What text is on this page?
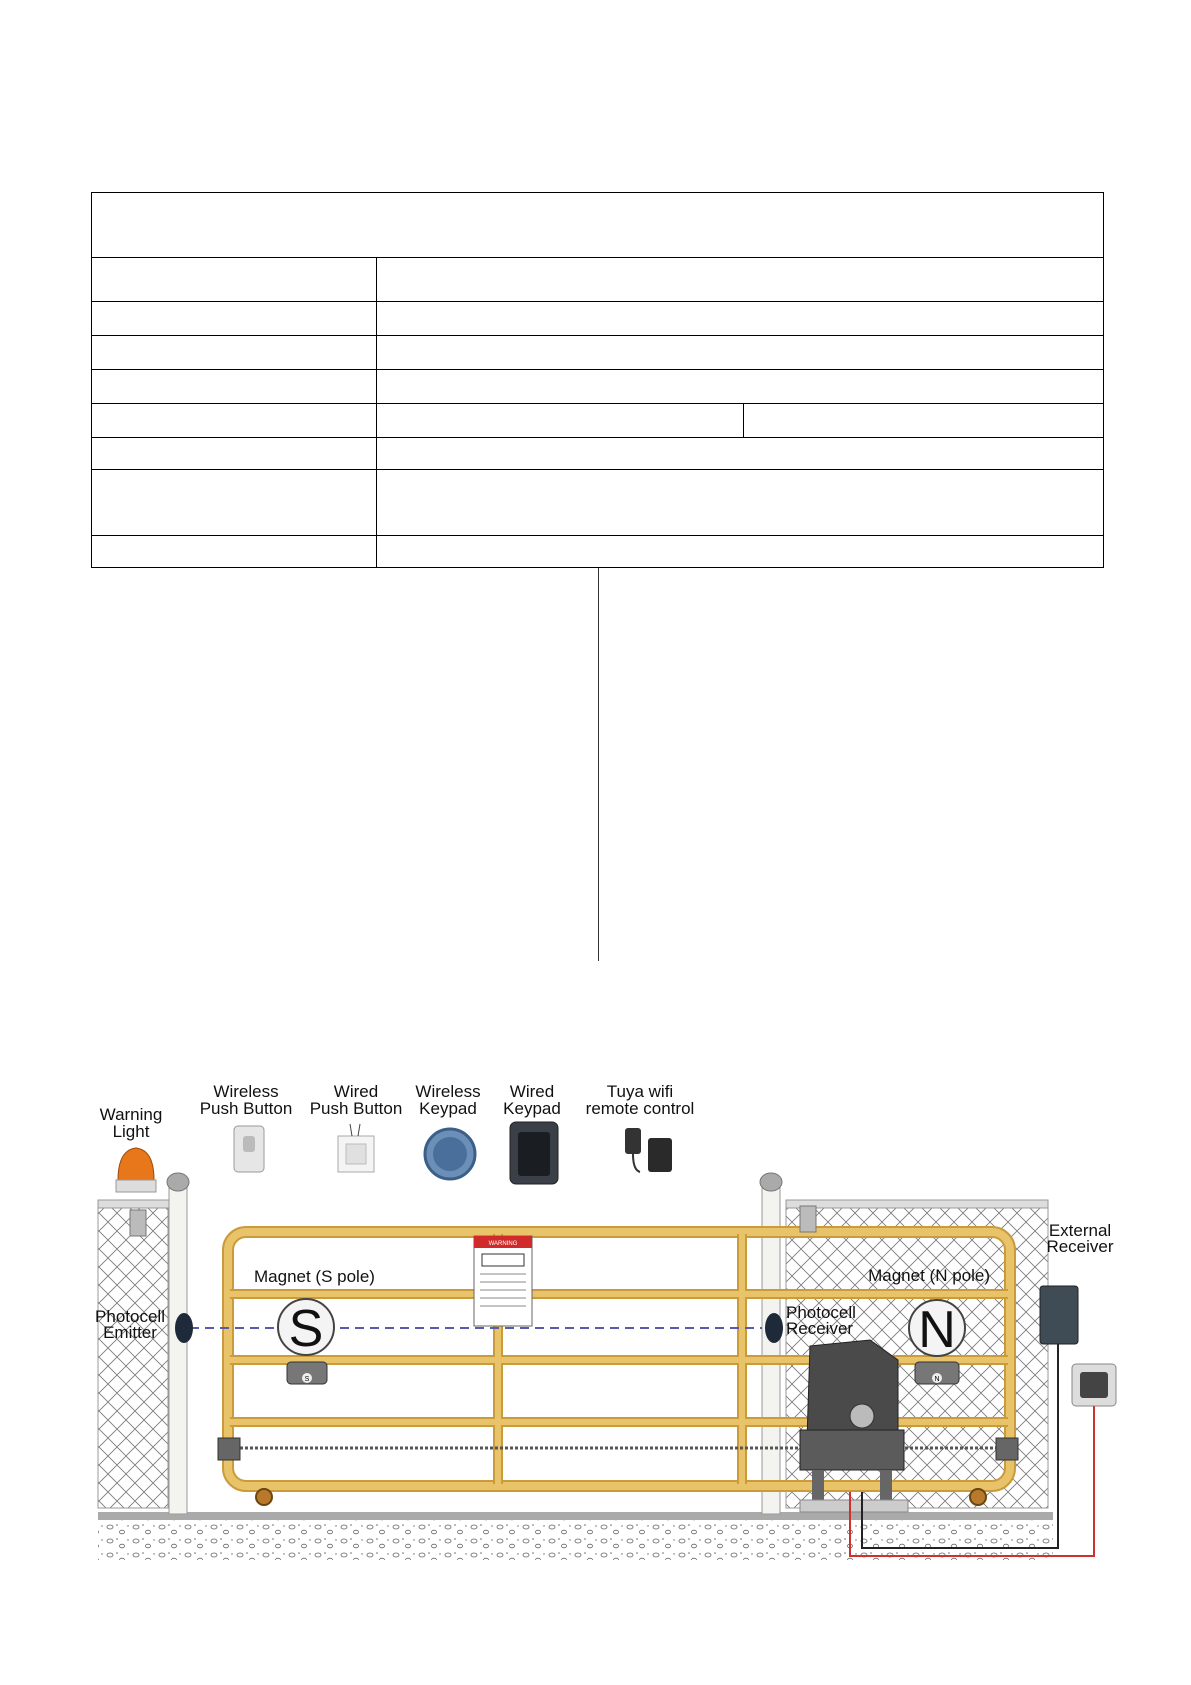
WARNING
S
S
N
N
Warning
Light
Wireless
Push Button
Wired
Push Button
Wireless
Keypad
Wired
Keypad
Tuya wifi
remote control
External
Receiver
Magnet (S pole)	Magnet (N pole)
Photocell
Emitter
Photocell
Receiver
